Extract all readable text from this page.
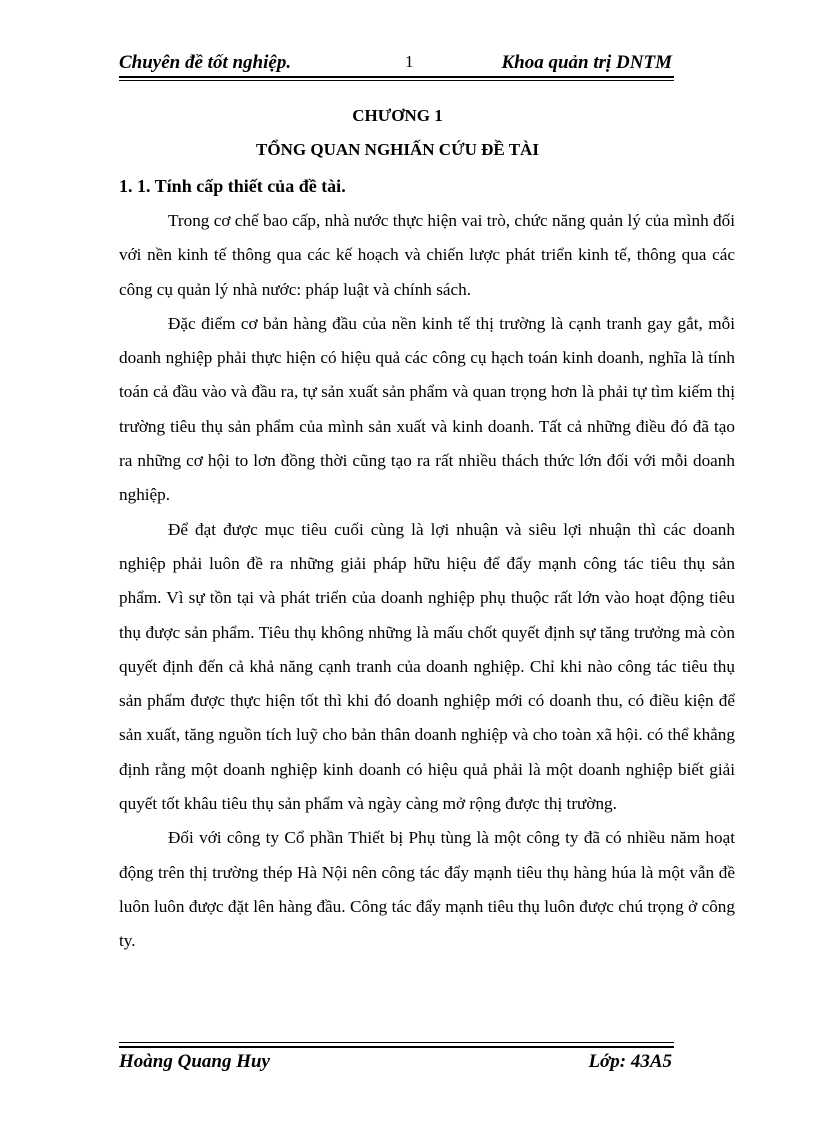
Chuyên đề tốt nghiệp.	1	Khoa quản trị DNTM
CHƯƠNG 1
TỔNG QUAN NGHIẤN CỨU ĐỀ TÀI
1. 1. Tính cấp thiết của đề tài.

Trong cơ chế bao cấp, nhà nước thực hiện vai trò, chức năng quản lý của mình đối với nền kinh tế thông qua các kế hoạch và chiến lược phát triển kinh tế, thông qua các công cụ quản lý nhà nước: pháp luật và chính sách.

Đặc điểm cơ bản hàng đầu của nền kinh tế thị trường là cạnh tranh gay gắt, mỗi doanh nghiệp phải thực hiện có hiệu quả các công cụ hạch toán kinh doanh, nghĩa là tính toán cả đầu vào và đầu ra, tự sản xuất sản phẩm và quan trọng hơn là phải tự tìm kiếm thị trường tiêu thụ sản phẩm của mình sản xuất và kinh doanh. Tất cả những điều đó đã tạo ra những cơ hội to lơn đồng thời cũng tạo ra rất nhiều thách thức lớn đối với mỗi doanh nghiệp.

Để đạt được mục tiêu cuối cùng là lợi nhuận và siêu lợi nhuận thì các doanh nghiệp phải luôn đề ra những giải pháp hữu hiệu để đẩy mạnh công tác tiêu thụ sản phẩm. Vì sự tồn tại và phát triển của doanh nghiệp phụ thuộc rất lớn vào hoạt động tiêu thụ được sản phẩm. Tiêu thụ không những là mấu chốt quyết định sự tăng trưởng mà còn quyết định đến cả khả năng cạnh tranh của doanh nghiệp. Chỉ khi nào công tác tiêu thụ sản phẩm được thực hiện tốt thì khi đó doanh nghiệp mới có doanh thu, có điều kiện để sản xuất, tăng nguồn tích luỹ cho bản thân doanh nghiệp và cho toàn xã hội. có thể khẳng định rằng một doanh nghiệp kinh doanh có hiệu quả phải là một doanh nghiệp biết giải quyết tốt khâu tiêu thụ sản phẩm và ngày càng mở rộng được thị trường.

Đối với công ty Cổ phần Thiết bị Phụ tùng là một công ty đã có nhiều năm hoạt động trên thị trường thép Hà Nội nên công tác đẩy mạnh tiêu thụ hàng húa là một vẫn đề luôn luôn được đặt lên hàng đầu. Công tác đẩy mạnh tiêu thụ luôn được chú trọng ở công ty.

Hoàng Quang Huy	Lớp: 43A5
